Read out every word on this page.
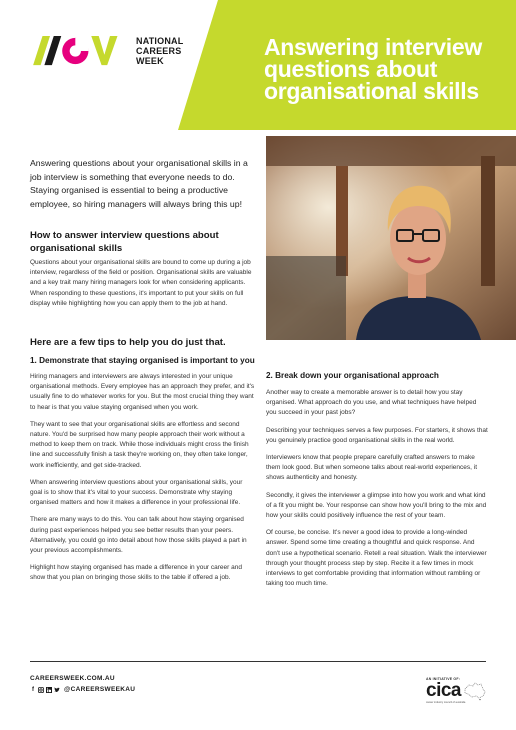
NATIONAL
CAREERS
WEEK
Answering interview
questions about
organisational skills
Answering questions about your organisational skills in a job interview is something that everyone needs to do. Staying organised is essential to being a productive employee, so hiring managers will always bring this up!
How to answer interview questions about organisational skills
Questions about your organisational skills are bound to come up during a job interview, regardless of the field or position. Organisational skills are valuable and a key trait many hiring managers look for when considering applicants. When responding to these questions, it's important to put your skills on full display while highlighting how you can apply them to the job at hand.
Here are a few tips to help you do just that.
1. Demonstrate that staying organised is important to you
Hiring managers and interviewers are always interested in your unique organisational methods. Every employee has an approach they prefer, and it's usually fine to do whatever works for you. But the most crucial thing they want to hear is that you value staying organised when you work.
They want to see that your organisational skills are effortless and second nature. You'd be surprised how many people approach their work without a method to keep them on track. While those individuals might cross the finish line and successfully finish a task they're working on, they often take longer, work inefficiently, and get side-tracked.
When answering interview questions about your organisational skills, your goal is to show that it's vital to your success. Demonstrate why staying organised matters and how it makes a difference in your professional life.
There are many ways to do this. You can talk about how staying organised during past experiences helped you see better results than your peers. Alternatively, you could go into detail about how those skills played a part in your previous accomplishments.
Highlight how staying organised has made a difference in your career and show that you plan on bringing those skills to the table if offered a job.
2. Break down your organisational approach
Another way to create a memorable answer is to detail how you stay organised. What approach do you use, and what techniques have helped you succeed in your past jobs?
Describing your techniques serves a few purposes. For starters, it shows that you genuinely practice good organisational skills in the real world.
Interviewers know that people prepare carefully crafted answers to make them look good. But when someone talks about real-world experiences, it shows authenticity and honesty.
Secondly, it gives the interviewer a glimpse into how you work and what kind of a fit you might be. Your response can show how you'll bring to the mix and how your skills could positively influence the rest of your team.
Of course, be concise. It's never a good idea to provide a long-winded answer. Spend some time creating a thoughtful and quick response. And don't use a hypothetical scenario. Retell a real situation. Walk the interviewer through your thought process step by step. Recite it a few times in mock interviews to get comfortable providing that information without rambling or taking too much time.
CAREERSWEEK.COM.AU
f	@CAREERSWEEKAU
AN INITIATIVE OF:
cica
career industry council of australia
